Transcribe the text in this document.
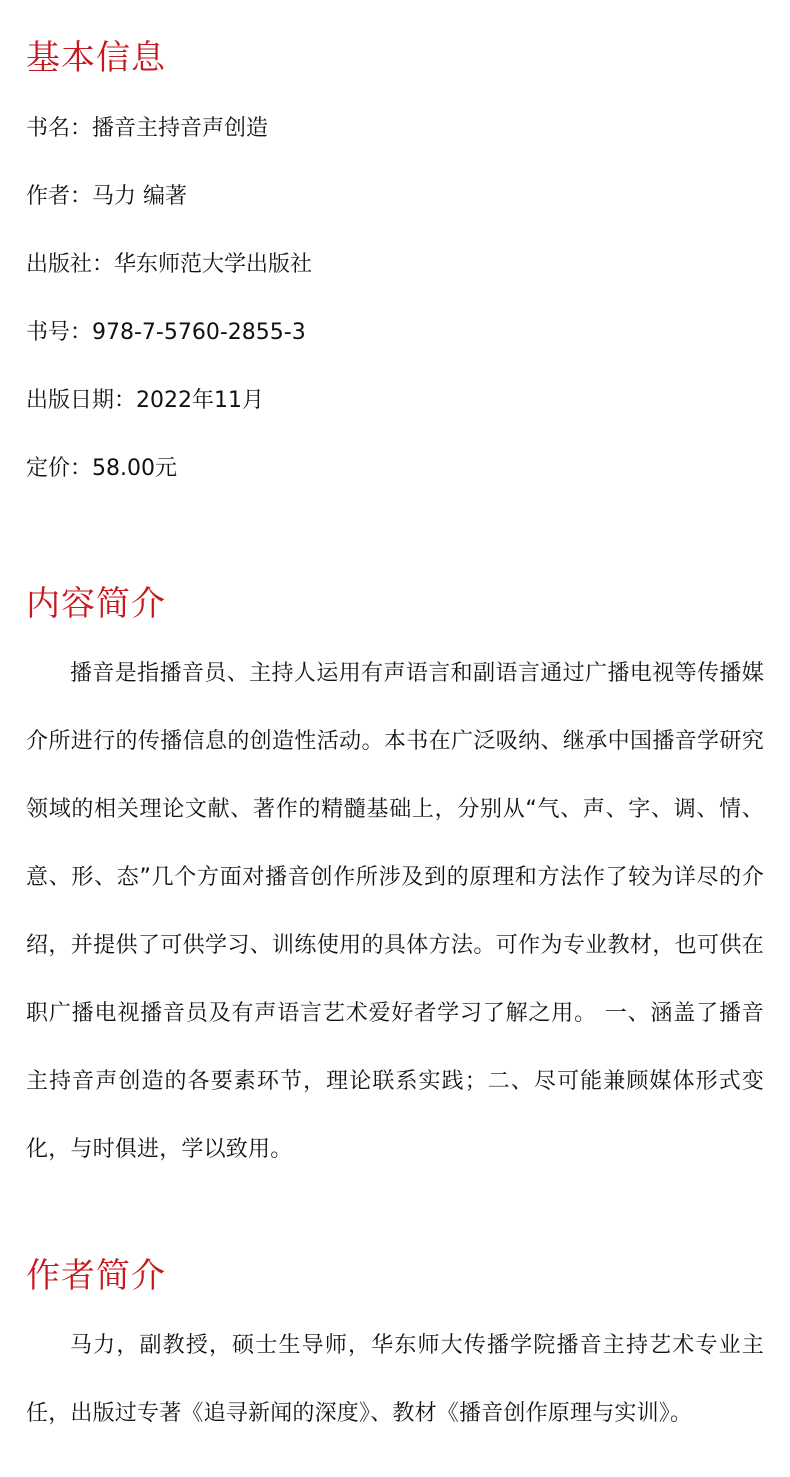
基本信息
书名：播音主持音声创造
作者：马力 编著
出版社：华东师范大学出版社
书号：978-7-5760-2855-3
出版日期：2022年11月
定价：58.00元
内容简介

播音是指播音员、主持人运用有声语言和副语言通过广播电视等传播媒介所进行的传播信息的创造性活动。本书在广泛吸纳、继承中国播音学研究领域的相关理论文献、著作的精髓基础上，分别从“气、声、字、调、情、意、形、态”几个方面对播音创作所涉及到的原理和方法作了较为详尽的介绍，并提供了可供学习、训练使用的具体方法。可作为专业教材，也可供在职广播电视播音员及有声语言艺术爱好者学习了解之用。 一、涵盖了播音主持音声创造的各要素环节，理论联系实践；二、尽可能兼顾媒体形式变化，与时俱进，学以致用。

作者简介

马力，副教授，硕士生导师，华东师大传播学院播音主持艺术专业主任，出版过专著《追寻新闻的深度》、教材《播音创作原理与实训》。
